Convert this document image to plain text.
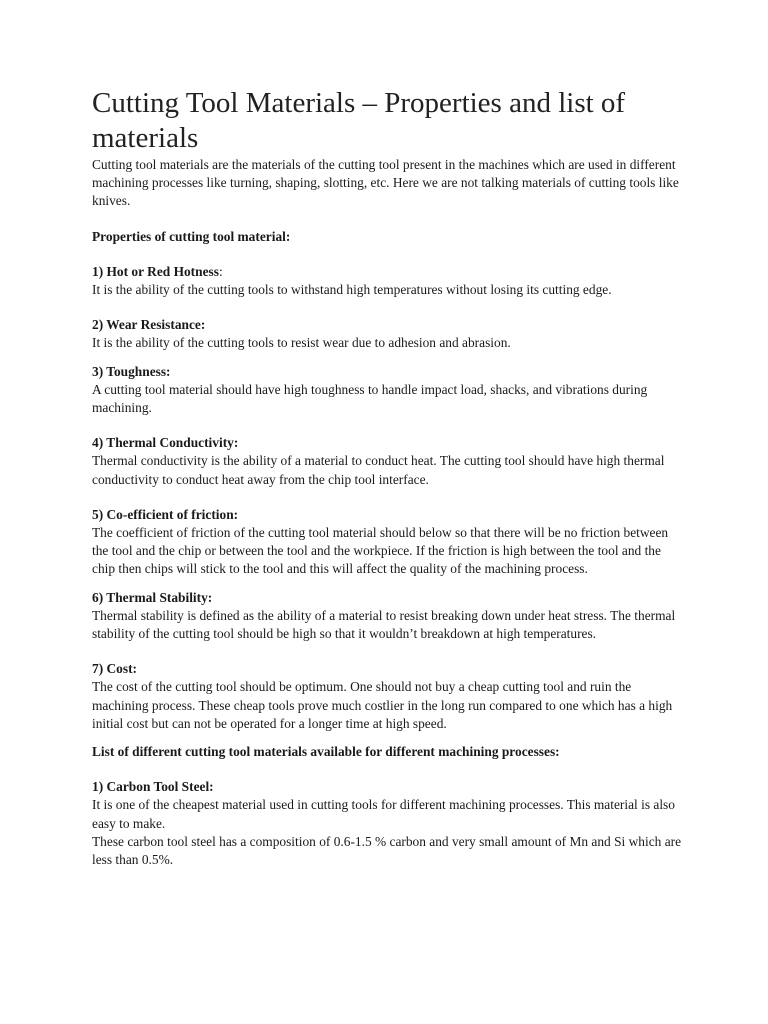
Cutting Tool Materials – Properties and list of materials

Cutting tool materials are the materials of the cutting tool present in the machines which are used in different machining processes like turning, shaping, slotting, etc. Here we are not talking materials of cutting tools like knives.

Properties of cutting tool material:

1) Hot or Red Hotness:

It is the ability of the cutting tools to withstand high temperatures without losing its cutting edge.

2) Wear Resistance:

It is the ability of the cutting tools to resist wear due to adhesion and abrasion.

3) Toughness:

A cutting tool material should have high toughness to handle impact load, shacks, and vibrations during machining.

4) Thermal Conductivity:

Thermal conductivity is the ability of a material to conduct heat. The cutting tool should have high thermal conductivity to conduct heat away from the chip tool interface.

5) Co-efficient of friction:

The coefficient of friction of the cutting tool material should below so that there will be no friction between the tool and the chip or between the tool and the workpiece. If the friction is high between the tool and the chip then chips will stick to the tool and this will affect the quality of the machining process.

6) Thermal Stability:

Thermal stability is defined as the ability of a material to resist breaking down under heat stress. The thermal stability of the cutting tool should be high so that it wouldn’t breakdown at high temperatures.

7) Cost:

The cost of the cutting tool should be optimum. One should not buy a cheap cutting tool and ruin the machining process. These cheap tools prove much costlier in the long run compared to one which has a high initial cost but can not be operated for a longer time at high speed.

List of different cutting tool materials available for different machining processes:

1) Carbon Tool Steel:

It is one of the cheapest material used in cutting tools for different machining processes. This material is also easy to make.

These carbon tool steel has a composition of 0.6-1.5 % carbon and very small amount of Mn and Si which are less than 0.5%.
